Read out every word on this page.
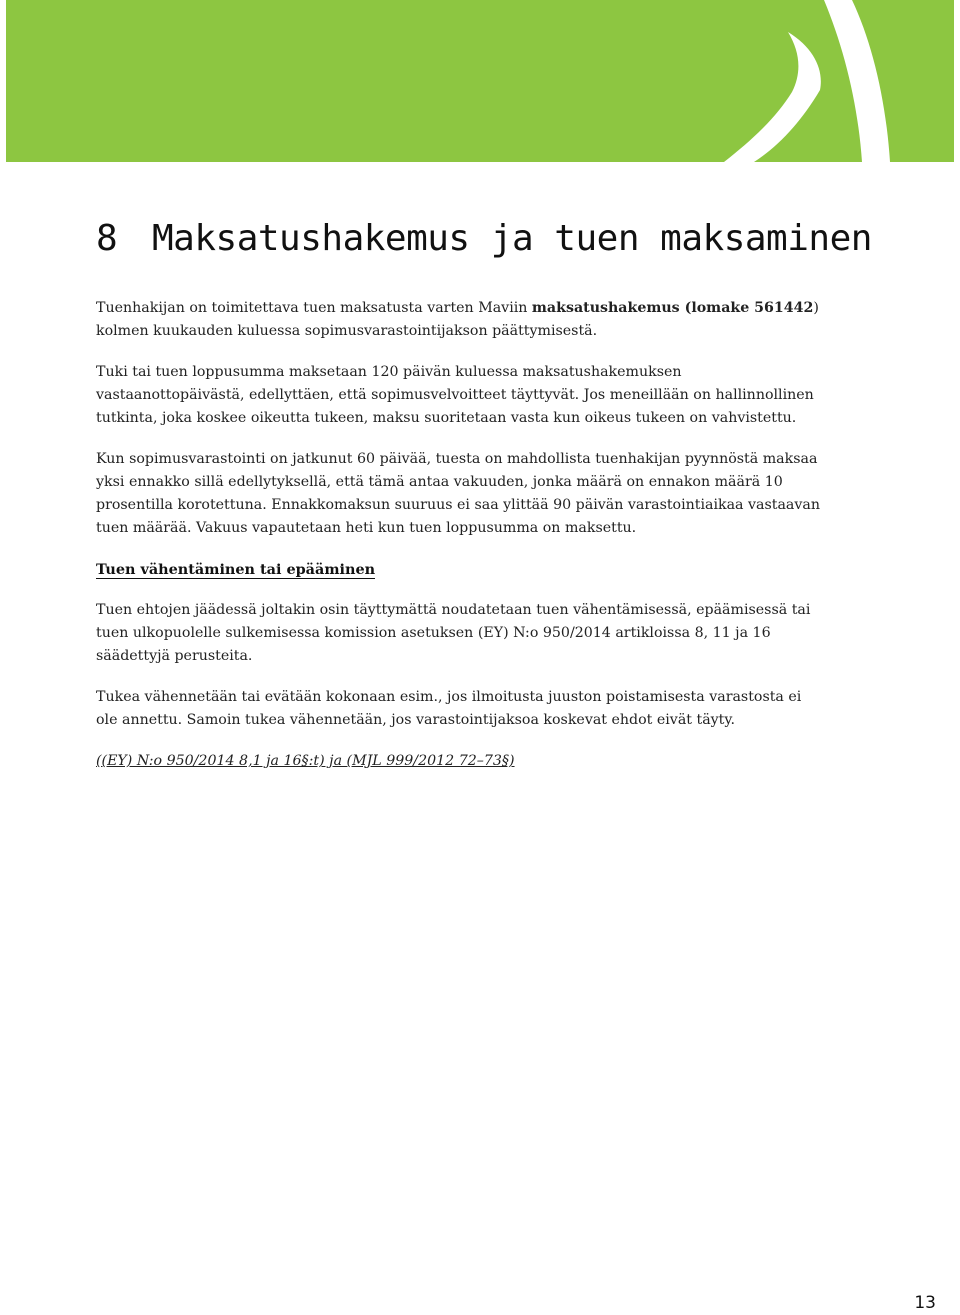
8 Maksatushakemus ja tuen maksaminen

Tuenhakijan on toimitettava tuen maksatusta varten Maviin maksatushakemus (lomake 561442) kolmen kuukauden kuluessa sopimusvarastointijakson päättymisestä.

Tuki tai tuen loppusumma maksetaan 120 päivän kuluessa maksatushakemuksen vastaanottopäivästä, edellyttäen, että sopimusvelvoitteet täyttyvät. Jos meneillään on hallinnollinen tutkinta, joka koskee oikeutta tukeen, maksu suoritetaan vasta kun oikeus tukeen on vahvistettu.

Kun sopimusvarastointi on jatkunut 60 päivää, tuesta on mahdollista tuenhakijan pyynnöstä maksaa yksi ennakko sillä edellytyksellä, että tämä antaa vakuuden, jonka määrä on ennakon määrä 10 prosentilla korotettuna. Ennakkomaksun suuruus ei saa ylittää 90 päivän varastointiaikaa vastaavan tuen määrää. Vakuus vapautetaan heti kun tuen loppusumma on maksettu.

Tuen vähentäminen tai epääminen

Tuen ehtojen jäädessä joltakin osin täyttymättä noudatetaan tuen vähentämisessä, epäämisessä tai tuen ulkopuolelle sulkemisessa komission asetuksen (EY) N:o 950/2014 artikloissa 8, 11 ja 16 säädettyjä perusteita.

Tukea vähennetään tai evätään kokonaan esim., jos ilmoitusta juuston poistamisesta varastosta ei ole annettu. Samoin tukea vähennetään, jos varastointijaksoa koskevat ehdot eivät täyty.

((EY) N:o 950/2014 8,1 ja 16§:t) ja (MJL 999/2012 72–73§)

13
